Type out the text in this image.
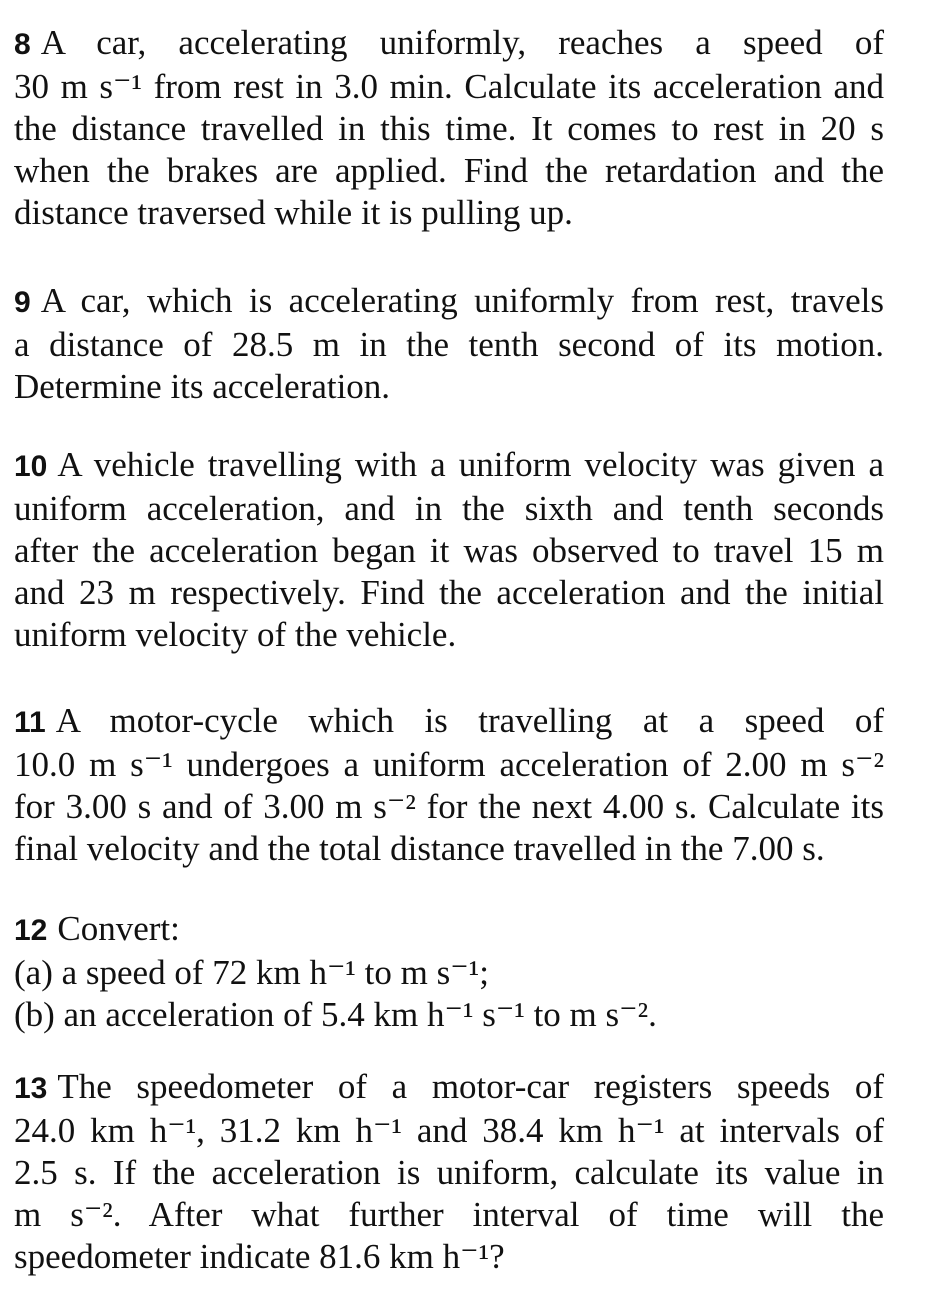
8 A car, accelerating uniformly, reaches a speed of
30 m s⁻¹ from rest in 3.0 min. Calculate its acceleration and
the distance travelled in this time. It comes to rest in 20 s
when the brakes are applied. Find the retardation and the
distance traversed while it is pulling up.
9 A car, which is accelerating uniformly from rest, travels
a distance of 28.5 m in the tenth second of its motion.
Determine its acceleration.
10 A vehicle travelling with a uniform velocity was given a
uniform acceleration, and in the sixth and tenth seconds
after the acceleration began it was observed to travel 15 m
and 23 m respectively. Find the acceleration and the initial
uniform velocity of the vehicle.
11 A motor-cycle which is travelling at a speed of
10.0 m s⁻¹ undergoes a uniform acceleration of 2.00 m s⁻²
for 3.00 s and of 3.00 m s⁻² for the next 4.00 s. Calculate its
final velocity and the total distance travelled in the 7.00 s.
12 Convert:
(a) a speed of 72 km h⁻¹ to m s⁻¹;
(b) an acceleration of 5.4 km h⁻¹ s⁻¹ to m s⁻².
13 The speedometer of a motor-car registers speeds of
24.0 km h⁻¹, 31.2 km h⁻¹ and 38.4 km h⁻¹ at intervals of
2.5 s. If the acceleration is uniform, calculate its value in
m s⁻². After what further interval of time will the
speedometer indicate 81.6 km h⁻¹?
